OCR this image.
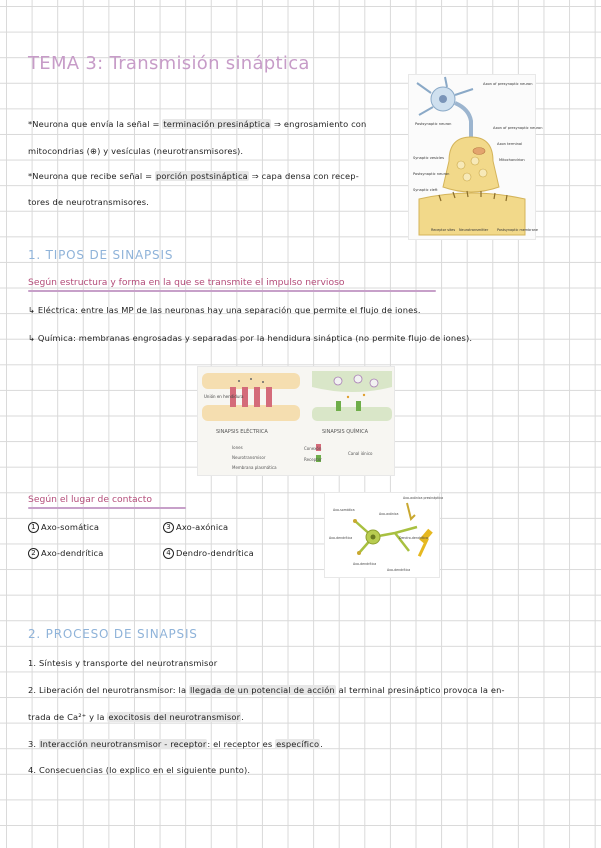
TEMA 3: Transmisión sináptica
*Neurona que envía la señal = terminación presináptica ⇒ engrosamiento con
mitocondrias (⊕) y vesículas (neurotransmisores).
*Neurona que recibe señal = porción postsináptica ⇒ capa densa con recep-
tores de neurotransmisores.
Axon of presynaptic neuron
Postsynaptic neuron
Axon of presynaptic neuron
Axon terminal
Mitochondrion
Synaptic vesicles
Postsynaptic neuron
Synaptic cleft
Receptor sites Neurotransmitter	Postsynaptic membrane
1. TIPOS DE SINAPSIS
Según estructura y forma en la que se transmite el impulso nervioso
↳ Eléctrica: entre las MP de las neuronas hay una separación que permite el flujo de iones.
↳ Química: membranas engrosadas y separadas por la hendidura sináptica (no permite flujo de iones).
Unión en hendidura
SINAPSIS ELÉCTRICA	SINAPSIS QUÍMICA
Iones
Neurotransmisor
Membrana plasmática
Conexón
Receptor
Canal iónico
Según el lugar de contacto
1 Axo-somática	3 Axo-axónica
2 Axo-dendrítica	4 Dendro-dendrítica
Axo-axónica presináptica
Axo-somática
Axo-axónica
Axo-dendrítica	Dendro-dendrítica
Axo-dendrítica
Axo-dendrítica
2. PROCESO DE SINAPSIS
1. Síntesis y transporte del neurotransmisor
2. Liberación del neurotransmisor: la llegada de un potencial de acción al terminal presináptico provoca la en-
trada de Ca²⁺ y la exocitosis del neurotransmisor.
3. Interacción neurotransmisor - receptor: el receptor es específico.
4. Consecuencias (lo explico en el siguiente punto).
